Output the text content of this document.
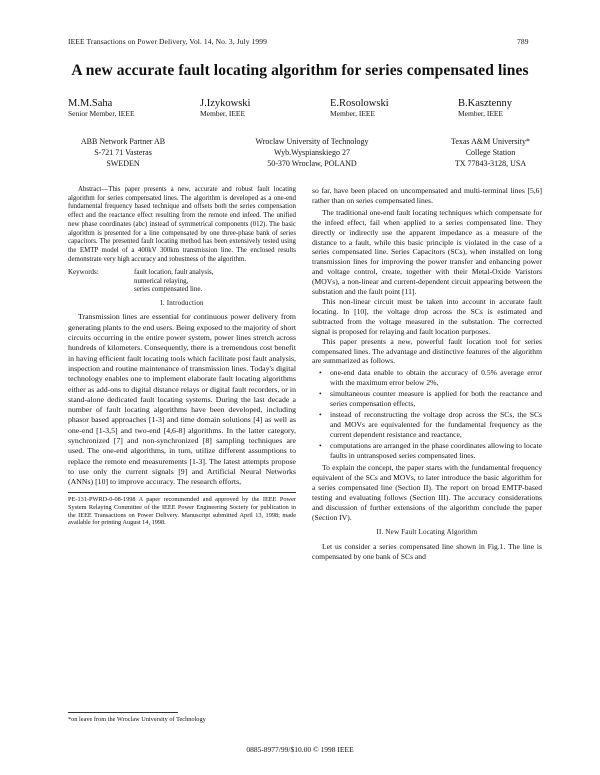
IEEE Transactions on Power Delivery, Vol. 14, No. 3, July 1999	789
A new accurate fault locating algorithm for series compensated lines
M.M.Saha
Senior Member, IEEE
J.Izykowski
Member, IEEE
E.Rosolowski
Member, IEEE
B.Kasztenny
Member, IEEE
ABB Network Partner AB
S-721 71 Vasteras
SWEDEN
Wroclaw University of Technology
Wyb.Wyspianskiego 27
50-370 Wroclaw, POLAND
Texas A&M University*
College Station
TX 77843-3128, USA

Abstract—This paper presents a new, accurate and robust fault locating algorithm for series compensated lines. The algorithm is developed as a one-end fundamental frequency based technique and offsets both the series compensation effect and the reactance effect resulting from the remote end infeed. The unified new phase coordinates (abc) instead of symmetrical components (012). The basic algorithm is presented for a line compensated by one three-phase bank of series capacitors. The presented fault locating method has been extensively tested using the EMTP model of a 400kV 300km transmission line. The enclosed results demonstrate very high accuracy and robustness of the algorithm.

Keywords:	fault location, fault analysis,
numerical relaying,
series compensated line.
I. Introduction

Transmission lines are essential for continuous power delivery from generating plants to the end users. Being exposed to the majority of short circuits occurring in the entire power system, power lines stretch across hundreds of kilometers. Consequently, there is a tremendous cost benefit in having efficient fault locating tools which facilitate post fault analysis, inspection and routine maintenance of transmission lines. Today's digital technology enables one to implement elaborate fault locating algorithms either as add-ons to digital distance relays or digital fault recorders, or in stand-alone dedicated fault locating systems. During the last decade a number of fault locating algorithms have been developed, including phasor based approaches [1-3] and time domain solutions [4] as well as one-end [1-3,5] and two-end [4,6-8] algorithms. In the latter category, synchronized [7] and non-synchronized [8] sampling techniques are used. The one-end algorithms, in turn, utilize different assumptions to replace the remote end measurements [1-3]. The latest attempts propose to use only the current signals [9] and Artificial Neural Networks (ANNs) [10] to improve accuracy. The research efforts,

PE-131-PWRD-0-08-1998 A paper recommended and approved by the IEEE Power System Relaying Committee of the IEEE Power Engineering Society for publication in the IEEE Transactions on Power Delivery. Manuscript submitted April 13, 1998; made available for printing August 14, 1998.

so far, have been placed on uncompensated and multi-terminal lines [5,6] rather than on series compensated lines.

The traditional one-end fault locating techniques which compensate for the infeed effect, fail when applied to a series compensated line. They directly or indirectly use the apparent impedance as a measure of the distance to a fault, while this basic principle is violated in the case of a series compensated line. Series Capacitors (SCs), when installed on long transmission lines for improving the power transfer and enhancing power and voltage control, create, together with their Metal-Oxide Varistors (MOVs), a non-linear and current-dependent circuit appearing between the substation and the fault point [11].

This non-linear circuit must be taken into account in accurate fault locating. In [10], the voltage drop across the SCs is estimated and subtracted from the voltage measured in the substation. The corrected signal is proposed for relaying and fault location purposes.

This paper presents a new, powerful fault location tool for series compensated lines. The advantage and distinctive features of the algorithm are summarized as follows.

• one-end data enable to obtain the accuracy of 0.5% average error with the maximum error below 2%,
• simultaneous counter measure is applied for both the reactance and series compensation effects,
• instead of reconstructing the voltage drop across the SCs, the SCs and MOVs are equivalented for the fundamental frequency as the current dependent resistance and reactance,
• computations are arranged in the phase coordinates allowing to locate faults in untransposed series compensated lines.

To explain the concept, the paper starts with the fundamental frequency equivalent of the SCs and MOVs, to later introduce the basic algorithm for a series compensated line (Section II). The report on broad EMTP-based testing and evaluating follows (Section III). The accuracy considerations and discussion of further extensions of the algorithm conclude the paper (Section IV).

II. New Fault Locating Algorithm

Let us consider a series compensated line shown in Fig.1. The line is compensated by one bank of SCs and

*on leave from the Wroclaw University of Technology
0885-8977/99/$10.00 © 1998 IEEE
